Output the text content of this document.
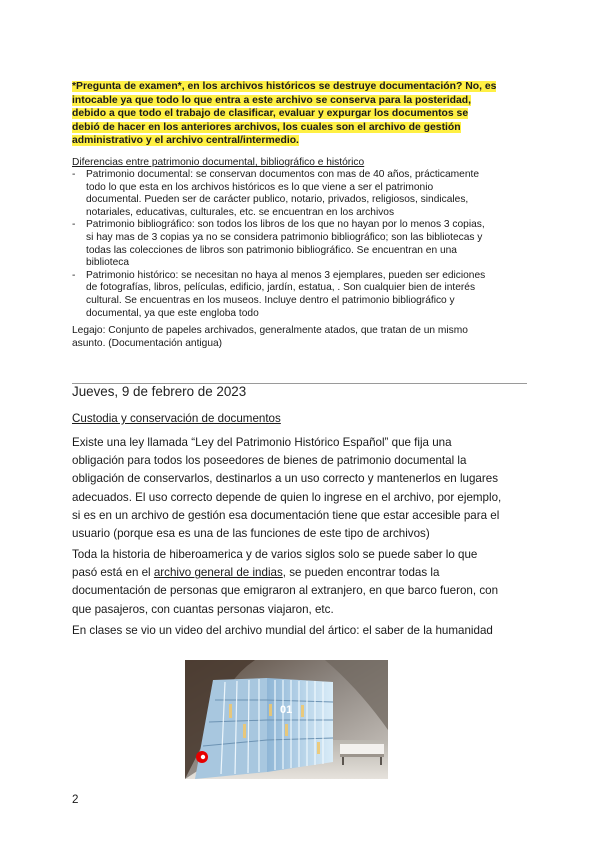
*Pregunta de examen*, en los archivos históricos se destruye documentación? No, es
intocable ya que todo lo que entra a este archivo se conserva para la posteridad,
debido a que todo el trabajo de clasificar, evaluar y expurgar los documentos se
debió de hacer en los anteriores archivos, los cuales son el archivo de gestión
administrativo y el archivo central/intermedio.
Diferencias entre patrimonio documental, bibliográfico e histórico
- Patrimonio documental: se conservan documentos con mas de 40 años, prácticamente
todo lo que esta en los archivos históricos es lo que viene a ser el patrimonio
documental. Pueden ser de carácter publico, notario, privados, religiosos, sindicales,
notariales, educativas, culturales, etc. se encuentran en los archivos
- Patrimonio bibliográfico: son todos los libros de los que no hayan por lo menos 3 copias,
si hay mas de 3 copias ya no se considera patrimonio bibliográfico; son las bibliotecas y
todas las colecciones de libros son patrimonio bibliográfico. Se encuentran en una
biblioteca
- Patrimonio histórico: se necesitan no haya al menos 3 ejemplares, pueden ser ediciones
de fotografías, libros, películas, edificio, jardín, estatua, . Son cualquier bien de interés
cultural. Se encuentras en los museos. Incluye dentro el patrimonio bibliográfico y
documental, ya que este engloba todo
Legajo: Conjunto de papeles archivados, generalmente atados, que tratan de un mismo
asunto. (Documentación antigua)
Jueves, 9 de febrero de 2023
Custodia y conservación de documentos
Existe una ley llamada “Ley del Patrimonio Histórico Español” que fija una
obligación para todos los poseedores de bienes de patrimonio documental la
obligación de conservarlos, destinarlos a un uso correcto y mantenerlos en lugares
adecuados. El uso correcto depende de quien lo ingrese en el archivo, por ejemplo,
si es en un archivo de gestión esa documentación tiene que estar accesible para el
usuario (porque esa es una de las funciones de este tipo de archivos)
Toda la historia de hiberoamerica y de varios siglos solo se puede saber lo que
pasó está en el archivo general de indias, se pueden encontrar todas la
documentación de personas que emigraron al extranjero, en que barco fueron, con
que pasajeros, con cuantas personas viajaron, etc.
En clases se vio un video del archivo mundial del ártico: el saber de la humanidad
01
2
